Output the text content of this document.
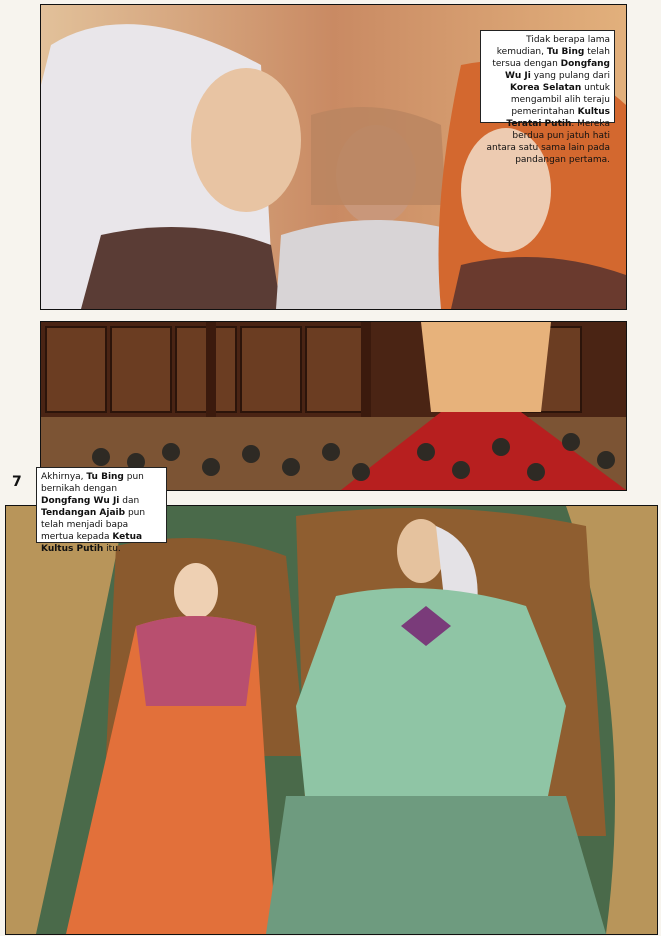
Tidak berapa lama kemudian, Tu Bing telah tersua dengan Dongfang Wu Ji yang pulang dari Korea Selatan untuk mengambil alih teraju pemerintahan Kultus Teratai Putih. Mereka berdua pun jatuh hati antara satu sama lain pada pandangan pertama.
7	Akhirnya, Tu Bing pun bernikah dengan Dongfang Wu Ji dan Tendangan Ajaib pun telah menjadi bapa mertua kepada Ketua Kultus Putih itu.
